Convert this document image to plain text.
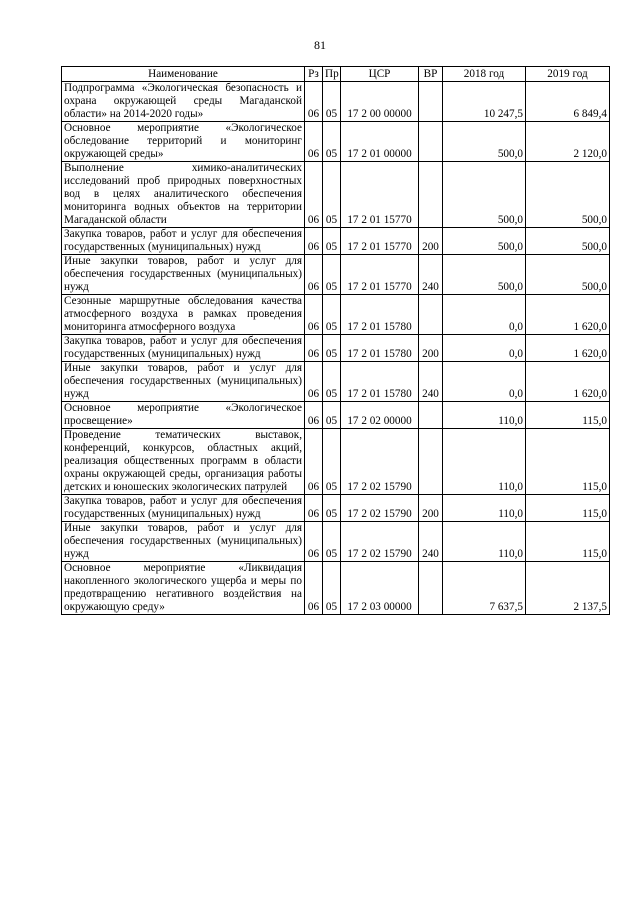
81
Наименование	Рз	Пр	ЦСР	ВР	2018 год	2019 год
Подпрограмма «Экологическая безопасность и охрана окружающей среды Магаданской области» на 2014-2020 годы»	06	05	17 2 00 00000		10 247,5	6 849,4
Основное мероприятие «Экологическое обследование территорий и мониторинг окружающей среды»	06	05	17 2 01 00000		500,0	2 120,0
Выполнение химико-аналитических исследований проб природных поверхностных вод в целях аналитического обеспечения мониторинга водных объектов на территории Магаданской области	06	05	17 2 01 15770		500,0	500,0
Закупка товаров, работ и услуг для обеспечения государственных (муниципальных) нужд	06	05	17 2 01 15770	200	500,0	500,0
Иные закупки товаров, работ и услуг для обеспечения государственных (муниципальных) нужд	06	05	17 2 01 15770	240	500,0	500,0
Сезонные маршрутные обследования качества атмосферного воздуха в рамках проведения мониторинга атмосферного воздуха	06	05	17 2 01 15780		0,0	1 620,0
Закупка товаров, работ и услуг для обеспечения государственных (муниципальных) нужд	06	05	17 2 01 15780	200	0,0	1 620,0
Иные закупки товаров, работ и услуг для обеспечения государственных (муниципальных) нужд	06	05	17 2 01 15780	240	0,0	1 620,0
Основное мероприятие «Экологическое просвещение»	06	05	17 2 02 00000		110,0	115,0
Проведение тематических выставок, конференций, конкурсов, областных акций, реализация общественных программ в области охраны окружающей среды, организация работы детских и юношеских экологических патрулей	06	05	17 2 02 15790		110,0	115,0
Закупка товаров, работ и услуг для обеспечения государственных (муниципальных) нужд	06	05	17 2 02 15790	200	110,0	115,0
Иные закупки товаров, работ и услуг для обеспечения государственных (муниципальных) нужд	06	05	17 2 02 15790	240	110,0	115,0
Основное мероприятие «Ликвидация накопленного экологического ущерба и меры по предотвращению негативного воздействия на окружающую среду»	06	05	17 2 03 00000		7 637,5	2 137,5
